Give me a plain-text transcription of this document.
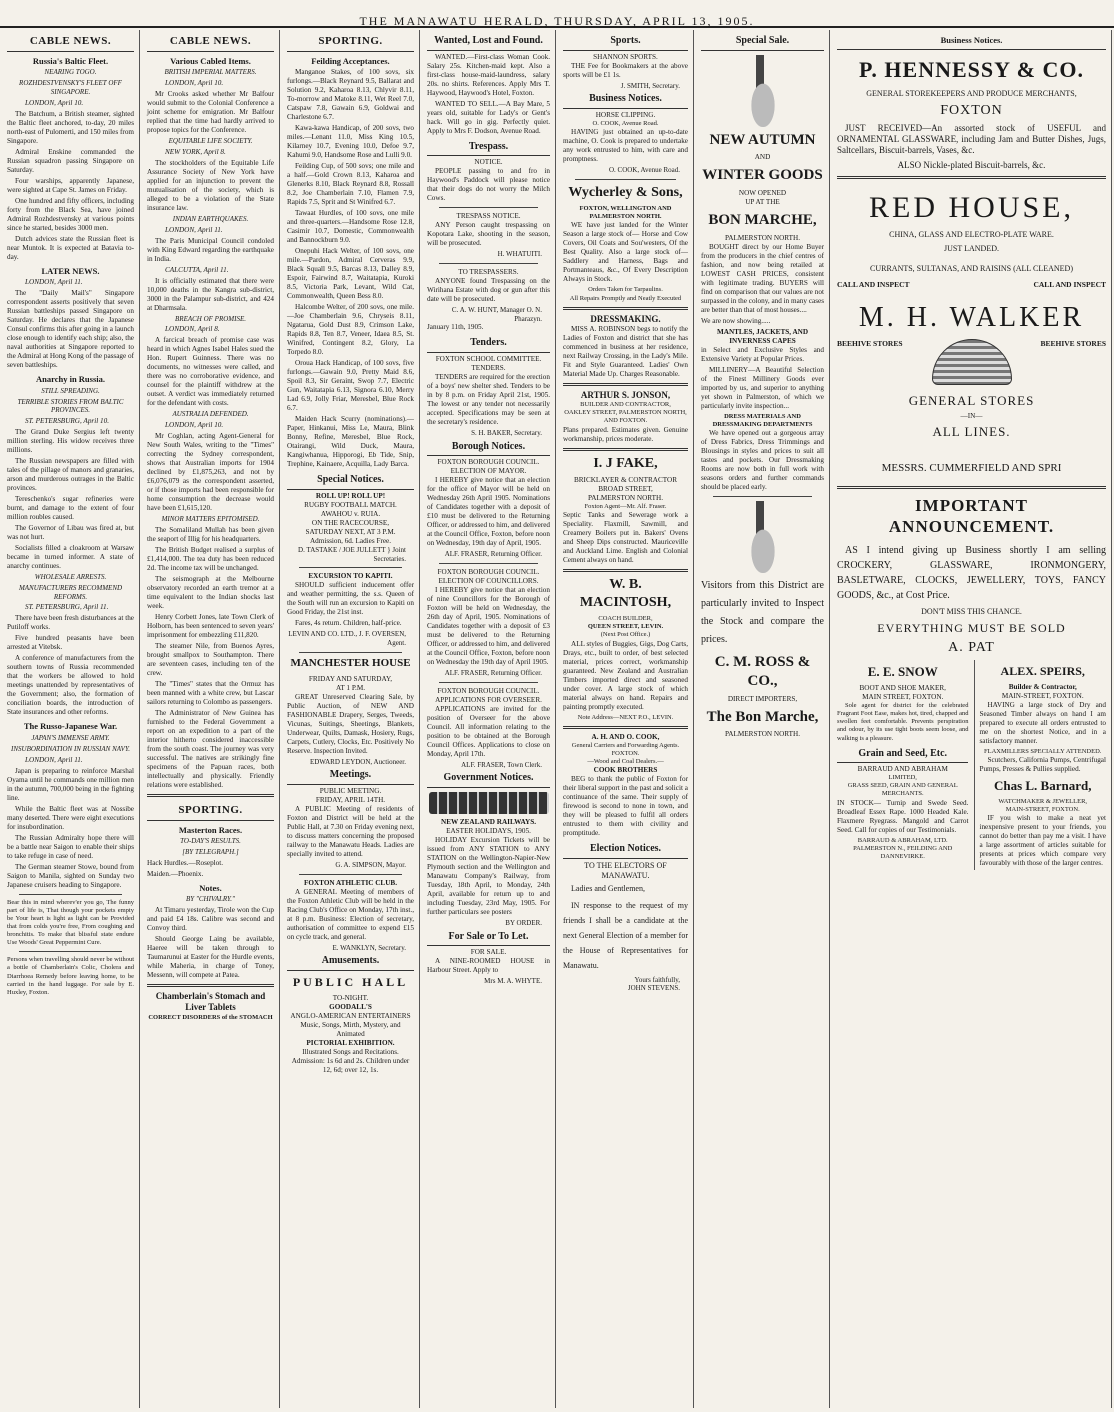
THE MANAWATU HERALD, THURSDAY, APRIL 13, 1905.
CABLE NEWS.
Russia's Baltic Fleet.
NEARING TOGO.
ROZHDESTVENSKY'S FLEET OFF SINGAPORE.

LONDON, April 10.

The Batchum, a British steamer, sighted the Baltic fleet anchored, to-day, 20 miles north-east of Pulomerti, and 150 miles from Singapore.

Admiral Enskine commanded the Russian squadron passing Singapore on Saturday.

Four warships, apparently Japanese, were sighted at Cape St. James on Friday.

One hundred and fifty officers, including forty from the Black Sea, have joined Admiral Rozhdestvensky at various points since he started, besides 3000 men.

Dutch advices state the Russian fleet is near Muntok. It is expected at Batavia to-day.

LATER NEWS.

LONDON, April 11.

The "Daily Mail's" Singapore correspondent asserts positively that seven Russian battleships passed Singapore on Saturday. He declares that the Japanese Consul confirms this after going in a launch close enough to identify each ship; also, the naval authorities at Singapore reported to the Admiral at Hong Kong of the passage of seven battleships.

Anarchy in Russia.
STILL SPREADING.
TERRIBLE STORIES FROM BALTIC PROVINCES.

ST. PETERSBURG, April 10.

The Grand Duke Sergius left twenty million sterling. His widow receives three millions.

The Russian newspapers are filled with tales of the pillage of manors and granaries, arson and murderous outrages in the Baltic provinces.

Tereschenko's sugar refineries were burnt, and damage to the extent of four million roubles caused.

The Governor of Libau was fired at, but was not hurt.

Socialists filled a cloakroom at Warsaw became in turned informer. A state of anarchy continues.

WHOLESALE ARRESTS.
MANUFACTURERS RECOMMEND REFORMS.

ST. PETERSBURG, April 11.

There have been fresh disturbances at the Putiloff works.

Five hundred peasants have been arrested at Vitebsk.

A conference of manufacturers from the southern towns of Russia recommended that the workers be allowed to hold meetings unattended by representatives of the Government; also, the formation of conciliation boards, the introduction of State insurances and other reforms.

The Russo-Japanese War.
JAPAN'S IMMENSE ARMY.
INSUBORDINATION IN RUSSIAN NAVY.

LONDON, April 11.

Japan is preparing to reinforce Marshal Oyama until he commands one million men in the autumn, 700,000 being in the fighting line.

While the Baltic fleet was at Nossibe many deserted. There were eight executions for insubordination.

The Russian Admiralty hope there will be a battle near Saigon to enable their ships to take refuge in case of need.

The German steamer Stowe, bound from Saigon to Manila, sighted on Sunday two Japanese cruisers heading to Singapore.

Bear this in mind wherev'er you go, The funny part of life is, That though your pockets empty be Your heart is light as light can be Provided that from colds you're free, From coughing and bronchitis. To make that blissful state endure Use Woods' Great Peppermint Cure.

Persons when travelling should never be without a bottle of Chamberlain's Colic, Cholera and Diarrhoea Remedy before leaving home, to be carried in the hand luggage. For sale by E. Huxley, Foxton.

CABLE NEWS.
Various Cabled Items.
BRITISH IMPERIAL MATTERS.

LONDON, April 10.

Mr Crooks asked whether Mr Balfour would submit to the Colonial Conference a joint scheme for emigration. Mr Balfour replied that the time had hardly arrived to propose topics for the Conference.

EQUITABLE LIFE SOCIETY.

NEW YORK, April 8.

The stockholders of the Equitable Life Assurance Society of New York have applied for an injunction to prevent the mutualisation of the society, which is alleged to be a violation of the State insurance law.

INDIAN EARTHQUAKES.

LONDON, April 11.

The Paris Municipal Council condoled with King Edward regarding the earthquake in India.

CALCUTTA, April 11.

It is officially estimated that there were 10,000 deaths in the Kangra sub-district, 3000 in the Palampur sub-district, and 424 at Dharmsala.

BREACH OF PROMISE.

LONDON, April 8.

A farcical breach of promise case was heard in which Agnes Isabel Hales sued the Hon. Rupert Guinness. There was no documents, no witnesses were called, and there was no corroborative evidence, and counsel for the plaintiff withdrew at the outset. A verdict was immediately returned for the defendant with costs.

AUSTRALIA DEFENDED.

LONDON, April 10.

Mr Coghlan, acting Agent-General for New South Wales, writing to the "Times" correcting the Sydney correspondent, shows that Australian imports for 1904 declined by £1,875,263, and not by £6,076,079 as the correspondent asserted, or if those imports had been responsible for home consumption the decrease would have been £1,615,120.

MINOR MATTERS EPITOMISED.

The Somaliland Mullah has been given the seaport of Illig for his headquarters.

The British Budget realised a surplus of £1,414,000. The tea duty has been reduced 2d. The income tax will be unchanged.

The seismograph at the Melbourne observatory recorded an earth tremor at a time equivalent to the Indian shocks last week.

Henry Corbett Jones, late Town Clerk of Holborn, has been sentenced to seven years' imprisonment for embezzling £11,820.

The steamer Nile, from Buenos Ayres, brought smallpox to Southampton. There are seventeen cases, including ten of the crew.

The "Times" states that the Ormuz has been manned with a white crew, but Lascar sailors returning to Colombo as passengers.

The Administrator of New Guinea has furnished to the Federal Government a report on an expedition to a part of the interior hitherto considered inaccessible from the south coast. The journey was very successful. The natives are strikingly fine specimens of the Papuan races, both intellectually and physically. Friendly relations were established.

SPORTING.
Masterton Races.
TO-DAY'S RESULTS.
[BY TELEGRAPH.]

Hack Hurdles.—Roseplot.

Maiden.—Phoenix.

Notes.
BY "CHIVALRY."

At Timaru yesterday, Tirole won the Cup and paid £4 18s. Calibre was second and Convoy third.

Should George Laing be available, Haeree will be taken through to Taumarunui at Easter for the Hurdle events, while Maheria, in charge of Toney, Messenn, will compete at Patea.

Chamberlain's Stomach and Liver Tablets
CORRECT DISORDERS of the STOMACH
SPORTING.
Feilding Acceptances.

Manganoe Stakes, of 100 sovs, six furlongs.—Black Reynard 9.5, Ballarat and Solution 9.2, Kaharoa 8.13, Chlyvir 8.11, To-morrow and Matoke 8.11, Wet Reel 7.0, Catspaw 7.8, Gawain 6.9, Goldwai and Charlestone 6.7.

Kawa-kawa Handicap, of 200 sovs, two miles.—Lenant 11.0, Miss King 10.5, Kilarney 10.7, Evening 10.0, Defoe 9.7, Kahumi 9.0, Handsome Rose and Lulli 9.0.

Feilding Cup, of 500 sovs; one mile and a half.—Gold Crown 8.13, Kaharoa and Glenerks 8.10, Black Reynard 8.8, Rossall 8.2, Joe Chamberlain 7.10, Flamen 7.9, Rapids 7.5, Sprit and St Winifred 6.7.

Tawaat Hurdles, of 100 sovs, one mile and three-quarters.—Handsome Rose 12.8, Casimir 10.7, Domestic, Commonwealth and Bannockburn 9.0.

Onepuhi Hack Welter, of 100 sovs, one mile.—Pardon, Admiral Cerveras 9.9, Black Squall 9.5, Barcas 8.13, Dalley 8.9, Espoir, Fairwind 8.7, Waitatapia, Kuroki 8.5, Victoria Park, Levant, Wild Cat, Commonwealth, Queen Bess 8.0.

Halcombe Welter, of 200 sovs, one mile.—Joe Chamberlain 9.6, Chryseis 8.11, Ngatarua, Gold Dust 8.9, Crimson Lake, Rapids 8.8, Ten 8.7, Veneer, Idaea 8.5, St. Winifred, Contingent 8.2, Glory, La Torpedo 8.0.

Oroua Hack Handicap, of 100 sovs, five furlongs.—Gawain 9.0, Pretty Maid 8.6, Spoil 8.3, Sir Geraint, Swop 7.7, Electric Gun, Waitatapia 6.13, Signora 6.10, Merry Lad 6.9, Jolly Friar, Meresbel, Blue Rock 6.7.

Maiden Hack Scurry (nominations).—Paper, Hinkanui, Miss Le, Maura, Blink Bonny, Refine, Meresbel, Blue Rock, Otairangi, Wild Duck, Maura, Kangiwhanua, Hipporogi, Eb Tide, Snip, Trephine, Kainaere, Acquilla, Lady Barca.

Special Notices.
ROLL UP! ROLL UP!
RUGBY FOOTBALL MATCH.
AWAHOU v. RUIA.
ON THE RACECOURSE,
SATURDAY NEXT, AT 3 P.M.
Admission, 6d. Ladies Free.
D. TASTAKE / JOE JULLETT } Joint Secretaries.
EXCURSION TO KAPITI.

SHOULD sufficient inducement offer and weather permitting, the s.s. Queen of the South will run an excursion to Kapiti on Good Friday, the 21st inst.

Fares, 4s return. Children, half-price.

LEVIN AND CO. LTD., J. F. OVERSEN, Agent.
MANCHESTER HOUSE
FRIDAY AND SATURDAY,
AT 1 P.M.

GREAT Unreserved Clearing Sale, by Public Auction, of NEW AND FASHIONABLE Drapery, Serges, Tweeds, Vicunas, Suitings, Sheetings, Blankets, Underwear, Quilts, Damask, Hosiery, Rugs, Carpets, Cutlery, Clocks, Etc. Positively No Reserve. Inspection Invited.

EDWARD LEYDON, Auctioneer.
Meetings.
PUBLIC MEETING.
FRIDAY, APRIL 14TH.

A PUBLIC Meeting of residents of Foxton and District will be held at the Public Hall, at 7.30 on Friday evening next, to discuss matters concerning the proposed railway to the Manawatu Heads. Ladies are specially invited to attend.

G. A. SIMPSON, Mayor.
FOXTON ATHLETIC CLUB.

A GENERAL Meeting of members of the Foxton Athletic Club will be held in the Racing Club's Office on Monday, 17th inst., at 8 p.m. Business: Election of secretary, authorisation of committee to expend £15 on cycle track, and general.

E. WANKLYN, Secretary.
Amusements.
PUBLIC HALL
TO-NIGHT.
GOODALL'S
ANGLO-AMERICAN ENTERTAINERS
Music, Songs, Mirth, Mystery, and Animated
PICTORIAL EXHIBITION.
Illustrated Songs and Recitations.
Admission: 1s 6d and 2s. Children under 12, 6d; over 12, 1s.
Wanted, Lost and Found.

WANTED.—First-class Woman Cook. Salary 25s. Kitchen-maid kept. Also a first-class house-maid-laundress, salary 20s. no shirts. References. Apply Mrs T. Haywood, Haywood's Hotel, Foxton.

WANTED TO SELL.—A Bay Mare, 5 years old, suitable for Lady's or Gent's hack. Will go in gig. Perfectly quiet. Apply to Mrs F. Dodson, Avenue Road.

Trespass.
NOTICE.

PEOPLE passing to and fro in Haywood's Paddock will please notice that their dogs do not worry the Milch Cows.

TRESPASS NOTICE.

ANY Person caught trespassing on Kopotara Lake, shooting in the season, will be prosecuted.

H. WHATUITI.
TO TRESPASSERS.

ANYONE found Trespassing on the Wirihana Estate with dog or gun after this date will be prosecuted.

C. A. W. HUNT, Manager O. N. Pharazyn.

January 11th, 1905.

Tenders.
FOXTON SCHOOL COMMITTEE.
TENDERS.

TENDERS are required for the erection of a boys' new shelter shed. Tenders to be in by 8 p.m. on Friday April 21st, 1905. The lowest or any tender not necessarily accepted. Specifications may be seen at the secretary's residence.

S. H. BAKER, Secretary.
Borough Notices.
FOXTON BOROUGH COUNCIL.
ELECTION OF MAYOR.

I HEREBY give notice that an election for the office of Mayor will be held on Wednesday 26th April 1905. Nominations of Candidates together with a deposit of £10 must be delivered to the Returning Officer, or addressed to him, and delivered at the Council Office, Foxton, before noon on Wednesday, 19th day of April, 1905.

ALF. FRASER, Returning Officer.
FOXTON BOROUGH COUNCIL.
ELECTION OF COUNCILLORS.

I HEREBY give notice that an election of nine Councillors for the Borough of Foxton will be held on Wednesday, the 26th day of April, 1905. Nominations of Candidates together with a deposit of £3 must be delivered to the Returning Officer, or addressed to him, and delivered at the Council Office, Foxton, before noon on Wednesday the 19th day of April 1905.

ALF. FRASER, Returning Officer.
FOXTON BOROUGH COUNCIL.
APPLICATIONS FOR OVERSEER.

APPLICATIONS are invited for the position of Overseer for the above Council. All information relating to the position to be obtained at the Borough Council Offices. Applications to close on Monday, April 17th.

ALF. FRASER, Town Clerk.
Government Notices.
NEW ZEALAND RAILWAYS.
EASTER HOLIDAYS, 1905.

HOLIDAY Excursion Tickets will be issued from ANY STATION to ANY STATION on the Wellington-Napier-New Plymouth section and the Wellington and Manawatu Company's Railway, from Tuesday, 18th April, to Monday, 24th April, available for return up to and including Tuesday, 23rd May, 1905. For further particulars see posters

BY ORDER.
For Sale or To Let.
FOR SALE.

A NINE-ROOMED HOUSE in Harbour Street. Apply to

Mrs M. A. WHYTE.
Sports.
SHANNON SPORTS.

THE Fee for Bookmakers at the above sports will be £1 1s.

J. SMITH, Secretary.
Business Notices.
HORSE CLIPPING.
O. COOK, Avenue Road.

HAVING just obtained an up-to-date machine, O. Cook is prepared to undertake any work entrusted to him, with care and promptness.

O. COOK, Avenue Road.
Wycherley & Sons,
FOXTON, WELLINGTON AND PALMERSTON NORTH.

WE have just landed for the Winter Season a large stock of— Horse and Cow Covers, Oil Coats and Sou'westers, Of the Best Quality. Also a large stock of— Saddlery and Harness, Bags and Portmanteaus, &c., Of Every Description Always in Stock.

Orders Taken for Tarpaulins.
All Repairs Promptly and Neatly Executed
DRESSMAKING.

MISS A. ROBINSON begs to notify the Ladies of Foxton and district that she has commenced in business at her residence, next Railway Crossing, in the Lady's Mile. Fit and Style Guaranteed. Ladies' Own Material Made Up. Charges Reasonable.

ARTHUR S. JONSON,
BUILDER AND CONTRACTOR,
OAKLEY STREET, PALMERSTON NORTH, AND FOXTON.

Plans prepared. Estimates given. Genuine workmanship, prices moderate.

I. J FAKE,
BRICKLAYER & CONTRACTOR
BROAD STREET,
PALMERSTON NORTH.
Foxton Agent—Mr. Alf. Fraser.

Septic Tanks and Sewerage work a Speciality. Flaxmill, Sawmill, and Creamery Boilers put in. Bakers' Ovens and Sheep Dips constructed. Mauriceville and Auckland Lime. English and Colonial Cement always on hand.

W. B. MACINTOSH,
COACH BUILDER,
QUEEN STREET, LEVIN.
(Next Post Office.)

ALL styles of Buggies, Gigs, Dog Carts, Drays, etc., built to order, of best selected material, prices correct, workmanship guaranteed. New Zealand and Australian Timbers imported direct and seasoned under cover. A large stock of which material always on hand. Repairs and painting promptly executed.

Note Address—NEXT P.O., LEVIN.
A. H. AND O. COOK,
General Carriers and Forwarding Agents.
FOXTON.
—Wood and Coal Dealers.—
COOK BROTHERS

BEG to thank the public of Foxton for their liberal support in the past and solicit a continuance of the same. Their supply of firewood is second to none in town, and they will be pleased to fulfil all orders entrusted to them with civility and promptitude.

Election Notices.
TO THE ELECTORS OF MANAWATU.

Ladies and Gentlemen,

IN response to the request of my friends I shall be a candidate at the next General Election of a member for the House of Representatives for Manawatu.

Yours faithfully,
JOHN STEVENS.
Special Sale.
NEW AUTUMN
AND
WINTER GOODS
NOW OPENED
UP AT THE
BON MARCHE,
PALMERSTON NORTH.

BOUGHT direct by our Home Buyer from the producers in the chief centres of fashion, and now being retailed at LOWEST CASH PRICES, consistent with legitimate trading. BUYERS will find on comparison that our values are not surpassed in the colony, and in many cases are better than that of most houses....

We are now showing.....

MANTLES, JACKETS, AND INVERNESS CAPES

in Select and Exclusive Styles and Extensive Variety at Popular Prices.

MILLINERY—A Beautiful Selection of the Finest Millinery Goods ever imported by us, and superior to anything yet shown in Palmerston, of which we particularly invite inspection...

DRESS MATERIALS AND DRESSMAKING DEPARTMENTS

We have opened out a gorgeous array of Dress Fabrics, Dress Trimmings and Blousings in styles and prices to suit all tastes and pockets. Our Dressmaking Rooms are now both in full work with seasons orders and further commands should be placed early.

Visitors from this District are particularly invited to Inspect the Stock and compare the prices.

C. M. ROSS & CO.,
DIRECT IMPORTERS,
The Bon Marche,
PALMERSTON NORTH.
Business Notices.
P. HENNESSY & CO.
GENERAL STOREKEEPERS AND PRODUCE MERCHANTS,
FOXTON

JUST RECEIVED—An assorted stock of USEFUL and ORNAMENTAL GLASSWARE, including Jam and Butter Dishes, Jugs, Saltcellars, Biscuit-barrels, Vases, &c.

ALSO Nickle-plated Biscuit-barrels, &c.
RED HOUSE,
CHINA, GLASS AND ELECTRO-PLATE WARE.
JUST LANDED.
CURRANTS, SULTANAS, AND RAISINS (ALL CLEANED)
CALL AND INSPECT	CALL AND INSPECT
M. H. WALKER
BEEHIVE STORES	BEEHIVE STORES
GENERAL STORES
—IN—
ALL LINES.
MESSRS. CUMMERFIELD AND SPRI
IMPORTANT ANNOUNCEMENT.

AS I intend giving up Business shortly I am selling CROCKERY, GLASSWARE, IRONMONGERY, BASLETWARE, CLOCKS, JEWELLERY, TOYS, FANCY GOODS, &c., at Cost Price.

DON'T MISS THIS CHANCE.
EVERYTHING MUST BE SOLD
A. PAT
E. E. SNOW
BOOT AND SHOE MAKER,
MAIN STREET, FOXTON.

Sole agent for district for the celebrated Fragrant Foot Ease, makes hot, tired, chapped and swollen feet comfortable. Prevents perspiration and odour, by its use tight boots seem loose, and walking is a pleasure.

Grain and Seed, Etc.
BARRAUD AND ABRAHAM
LIMITED,
GRASS SEED, GRAIN AND GENERAL MERCHANTS.

IN STOCK— Turnip and Swede Seed. Broadleaf Essex Rape. 1000 Headed Kale. Flaxmere Ryegrass. Mangold and Carrot Seed. Call for copies of our Testimonials.

BARRAUD & ABRAHAM, LTD. PALMERSTON N., FEILDING AND DANNEVIRKE.
ALEX. SPEIRS,
Builder & Contractor,
MAIN-STREET, FOXTON.

HAVING a large stock of Dry and Seasoned Timber always on hand I am prepared to execute all orders entrusted to me on the shortest Notice, and in a satisfactory manner.

FLAXMILLERS SPECIALLY ATTENDED.

Scutchers, California Pumps, Centrifugal Pumps, Presses & Pullies supplied.

Chas L. Barnard,
WATCHMAKER & JEWELLER,
MAIN-STREET, FOXTON.

IF you wish to make a neat yet inexpensive present to your friends, you cannot do better than pay me a visit. I have a large assortment of articles suitable for presents at prices which compare very favourably with those of the larger centres.
